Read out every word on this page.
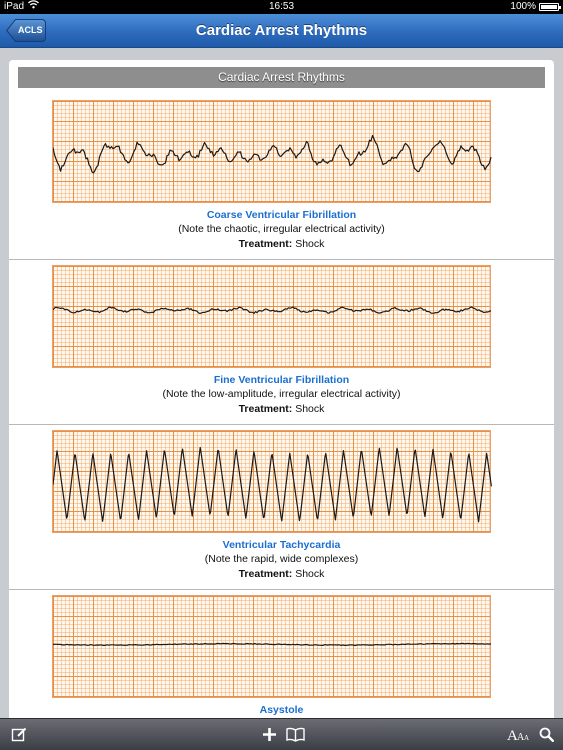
iPad	16:53	100%
ACLS	Cardiac Arrest Rhythms
Cardiac Arrest Rhythms
Coarse Ventricular Fibrillation
(Note the chaotic, irregular electrical activity)
Treatment: Shock
Fine Ventricular Fibrillation
(Note the low-amplitude, irregular electrical activity)
Treatment: Shock
Ventricular Tachycardia
(Note the rapid, wide complexes)
Treatment: Shock
Asystole
A A A
